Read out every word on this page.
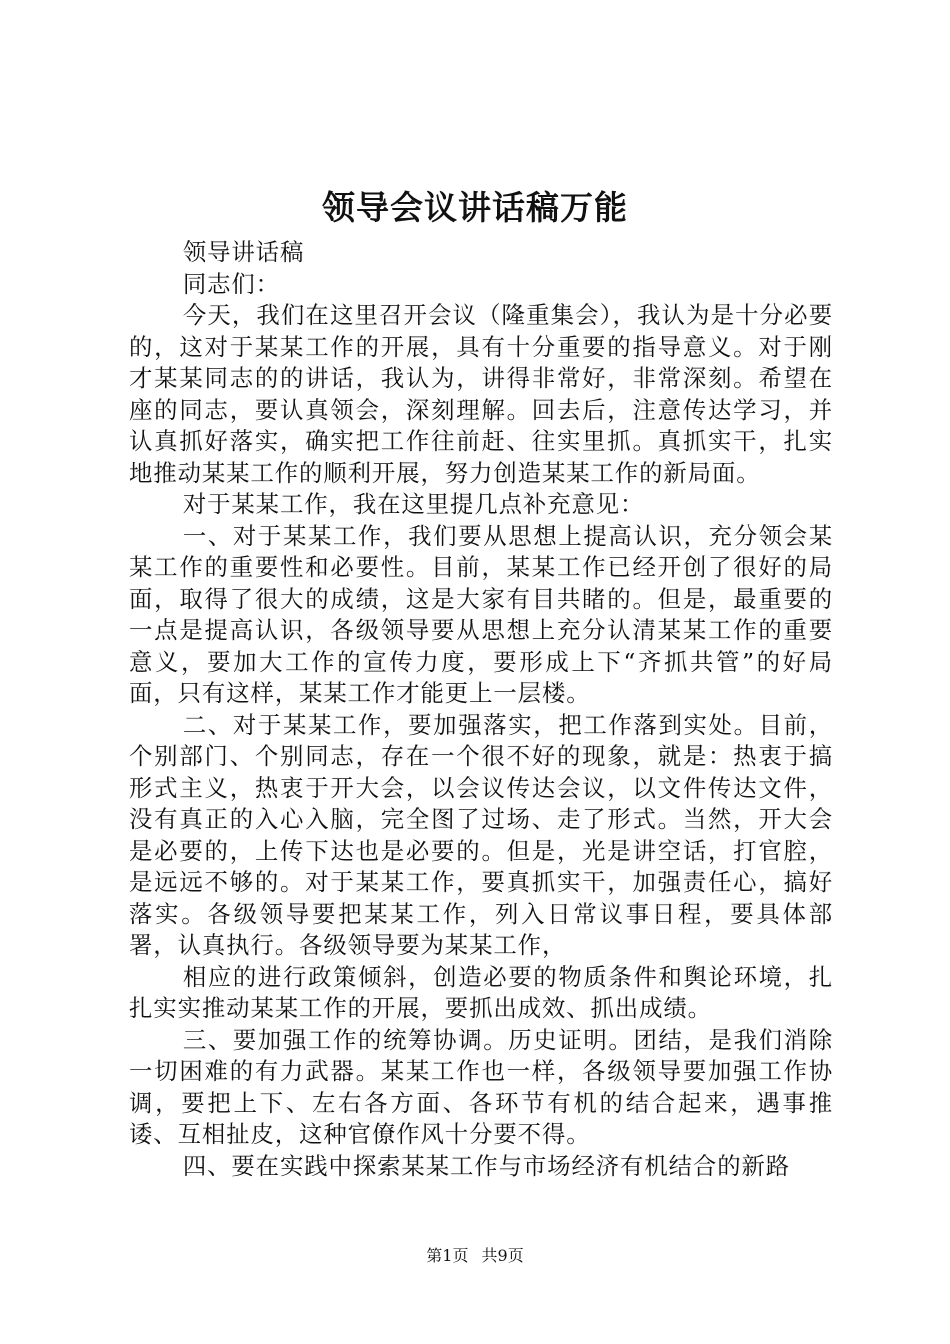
领导会议讲话稿万能

领导讲话稿

同志们：

今天，我们在这里召开会议（隆重集会），我认为是十分必要的，这对于某某工作的开展，具有十分重要的指导意义。对于刚才某某同志的的讲话，我认为，讲得非常好，非常深刻。希望在座的同志，要认真领会，深刻理解。回去后，注意传达学习，并认真抓好落实，确实把工作往前赶、往实里抓。真抓实干，扎实地推动某某工作的顺利开展，努力创造某某工作的新局面。

对于某某工作，我在这里提几点补充意见：

一、对于某某工作，我们要从思想上提高认识，充分领会某某工作的重要性和必要性。目前，某某工作已经开创了很好的局面，取得了很大的成绩，这是大家有目共睹的。但是，最重要的一点是提高认识，各级领导要从思想上充分认清某某工作的重要意义，要加大工作的宣传力度，要形成上下“齐抓共管”的好局面，只有这样，某某工作才能更上一层楼。

二、对于某某工作，要加强落实，把工作落到实处。目前，个别部门、个别同志，存在一个很不好的现象，就是：热衷于搞形式主义，热衷于开大会，以会议传达会议，以文件传达文件，没有真正的入心入脑，完全图了过场、走了形式。当然，开大会是必要的，上传下达也是必要的。但是，光是讲空话，打官腔，是远远不够的。对于某某工作，要真抓实干，加强责任心，搞好落实。各级领导要把某某工作，列入日常议事日程，要具体部署，认真执行。各级领导要为某某工作，

相应的进行政策倾斜，创造必要的物质条件和舆论环境，扎扎实实推动某某工作的开展，要抓出成效、抓出成绩。

三、要加强工作的统筹协调。历史证明。团结，是我们消除一切困难的有力武器。某某工作也一样，各级领导要加强工作协调，要把上下、左右各方面、各环节有机的结合起来，遇事推诿、互相扯皮，这种官僚作风十分要不得。

四、要在实践中探索某某工作与市场经济有机结合的新路

第1页 共9页
